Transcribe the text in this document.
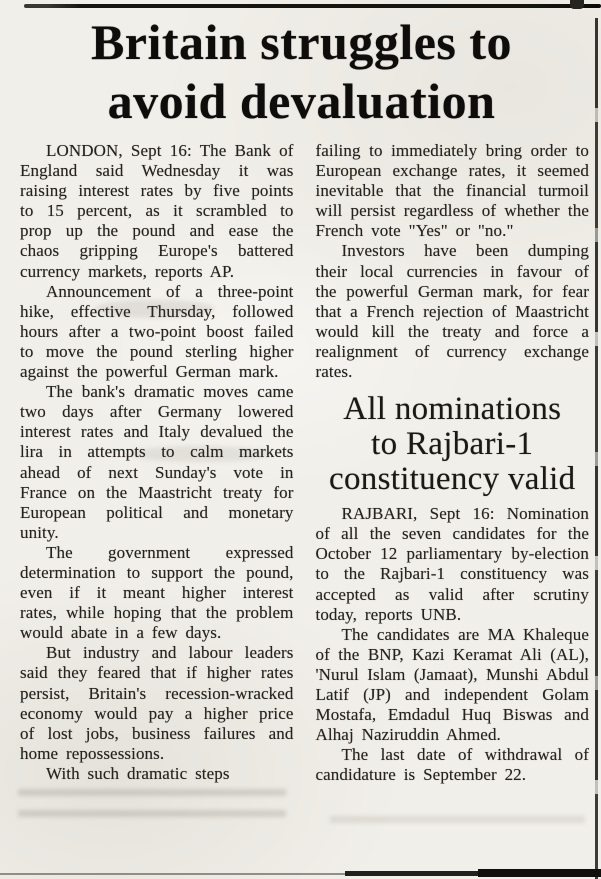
Britain struggles to
avoid devaluation

LONDON, Sept 16: The Bank of England said Wednesday it was raising interest rates by five points to 15 percent, as it scrambled to prop up the pound and ease the chaos gripping Europe's battered currency markets, reports AP.

Announcement of a three-point hike, effective Thursday, followed hours after a two-point boost failed to move the pound sterling higher against the powerful German mark.

The bank's dramatic moves came two days after Germany lowered interest rates and Italy devalued the lira in attempts to calm markets ahead of next Sunday's vote in France on the Maastricht treaty for European political and monetary unity.

The government expressed determination to support the pound, even if it meant higher interest rates, while hoping that the problem would abate in a few days.

But industry and labour leaders said they feared that if higher rates persist, Britain's recession-wracked economy would pay a higher price of lost jobs, business failures and home repossessions.

With such dramatic steps

failing to immediately bring order to European exchange rates, it seemed inevitable that the financial turmoil will persist regardless of whether the French vote "Yes" or "no."

Investors have been dumping their local currencies in favour of the powerful German mark, for fear that a French rejection of Maastricht would kill the treaty and force a realignment of currency exchange rates.

All nominations
to Rajbari-1
constituency valid

RAJBARI, Sept 16: Nomination of all the seven candidates for the October 12 parliamentary by-election to the Rajbari-1 constituency was accepted as valid after scrutiny today, reports UNB.

The candidates are MA Khaleque of the BNP, Kazi Keramat Ali (AL), 'Nurul Islam (Jamaat), Munshi Abdul Latif (JP) and independent Golam Mostafa, Emdadul Huq Biswas and Alhaj Naziruddin Ahmed.

The last date of withdrawal of candidature is September 22.
